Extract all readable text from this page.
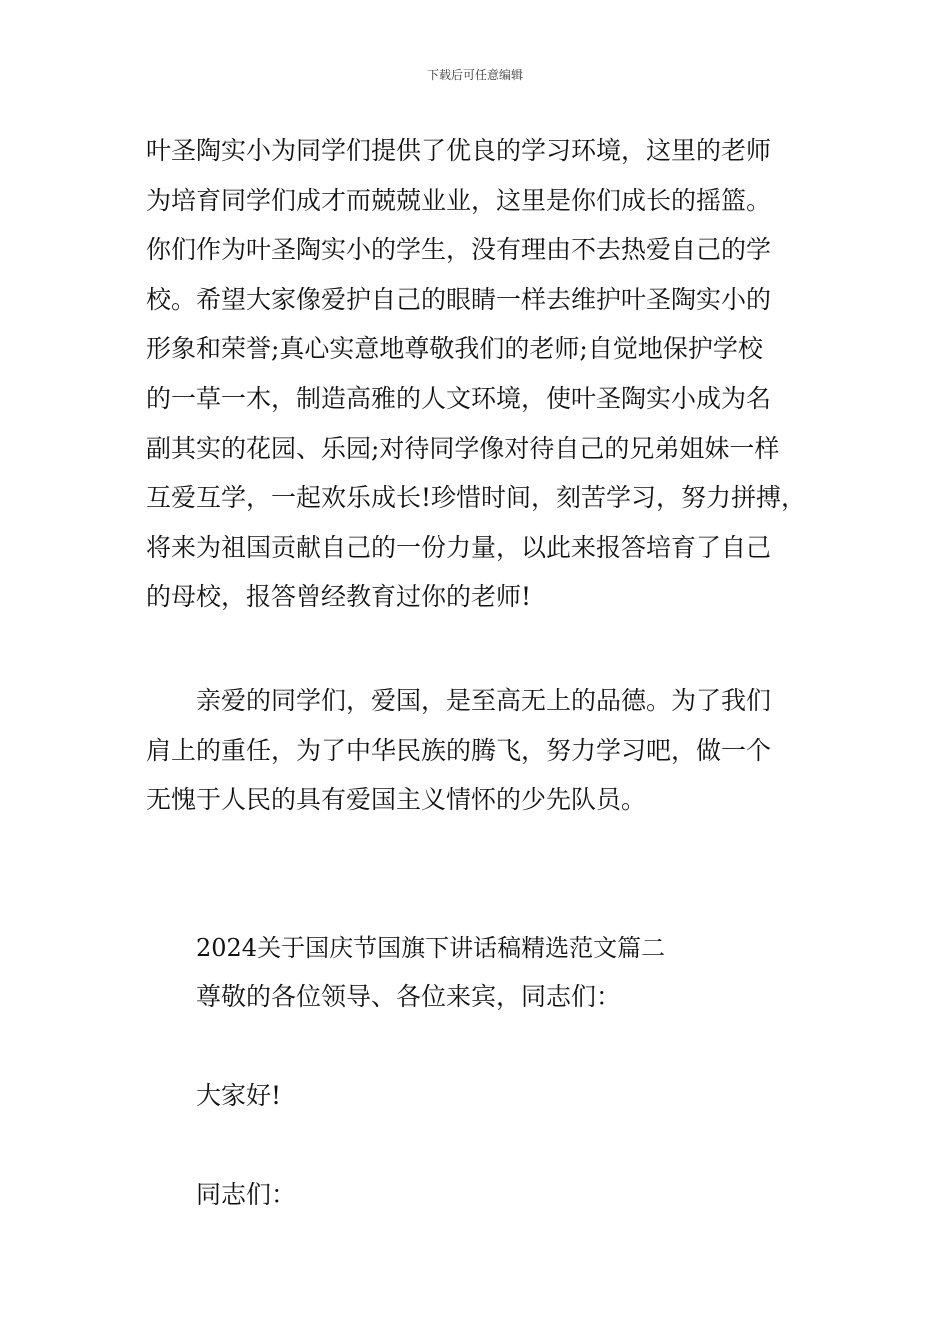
下载后可任意编辑
叶圣陶实小为同学们提供了优良的学习环境，这里的老师
为培育同学们成才而兢兢业业，这里是你们成长的摇篮。
你们作为叶圣陶实小的学生，没有理由不去热爱自己的学
校。希望大家像爱护自己的眼睛一样去维护叶圣陶实小的
形象和荣誉;真心实意地尊敬我们的老师;自觉地保护学校
的一草一木，制造高雅的人文环境，使叶圣陶实小成为名
副其实的花园、乐园;对待同学像对待自己的兄弟姐妹一样
互爱互学，一起欢乐成长!珍惜时间，刻苦学习，努力拼搏，
将来为祖国贡献自己的一份力量，以此来报答培育了自己
的母校，报答曾经教育过你的老师!
　　亲爱的同学们，爱国，是至高无上的品德。为了我们
肩上的重任，为了中华民族的腾飞，努力学习吧，做一个
无愧于人民的具有爱国主义情怀的少先队员。
2024关于国庆节国旗下讲话稿精选范文篇二
尊敬的各位领导、各位来宾，同志们：
大家好!
同志们：
